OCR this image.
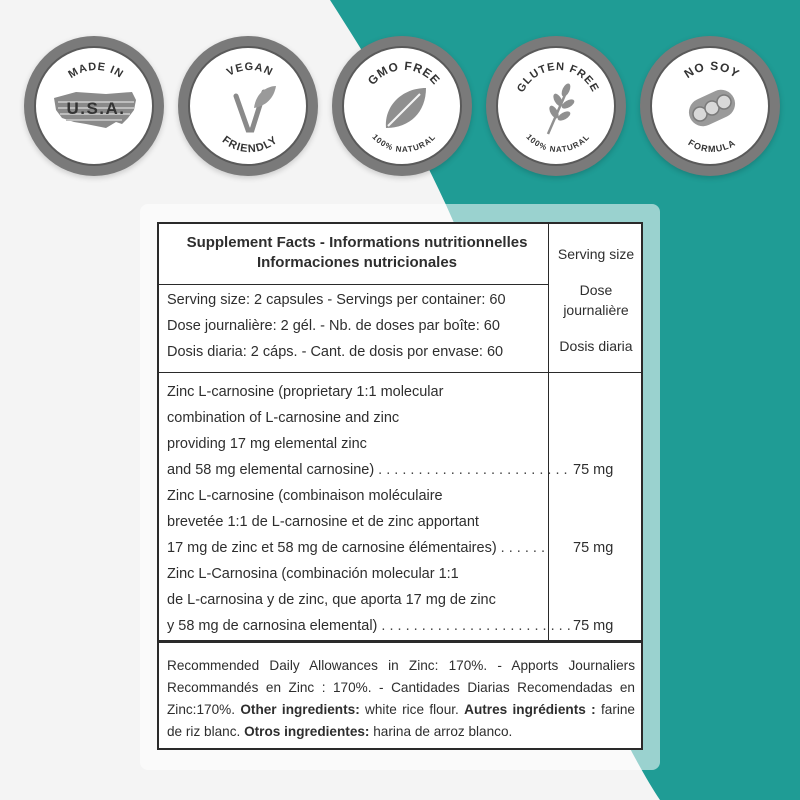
MADE IN
U.S.A.
VEGAN
FRIENDLY
GMO FREE
100% NATURAL
GLUTEN FREE
100% NATURAL
NO SOY
FORMULA
Supplement Facts - Informations nutritionnelles
Informaciones nutricionales
Serving size: 2 capsules - Servings per container: 60
Dose journalière: 2 gél. - Nb. de doses par boîte: 60
Dosis diaria: 2 cáps. - Cant. de dosis por envase: 60
Serving size
Dose
journalière
Dosis diaria
Zinc L-carnosine (proprietary 1:1 molecular
combination of L-carnosine and zinc
providing 17 mg elemental zinc
and 58 mg elemental carnosine) . . . . . . . . . . . . . . . . . . . . . . . . 75 mg
Zinc L-carnosine (combinaison moléculaire
brevetée 1:1 de L-carnosine et de zinc apportant
17 mg de zinc et 58 mg de carnosine élémentaires) . . . . . . 75 mg
Zinc L-Carnosina (combinación molecular 1:1
de L-carnosina y de zinc, que aporta 17 mg de zinc
y 58 mg de carnosina elemental) . . . . . . . . . . . . . . . . . . . . . . . . 75 mg
Recommended Daily Allowances in Zinc: 170%. - Apports Journaliers Recommandés en Zinc : 170%. - Cantidades Diarias Recomendadas en Zinc:170%. Other ingredients: white rice flour. Autres ingrédients : farine de riz blanc. Otros ingredientes: harina de arroz blanco.
